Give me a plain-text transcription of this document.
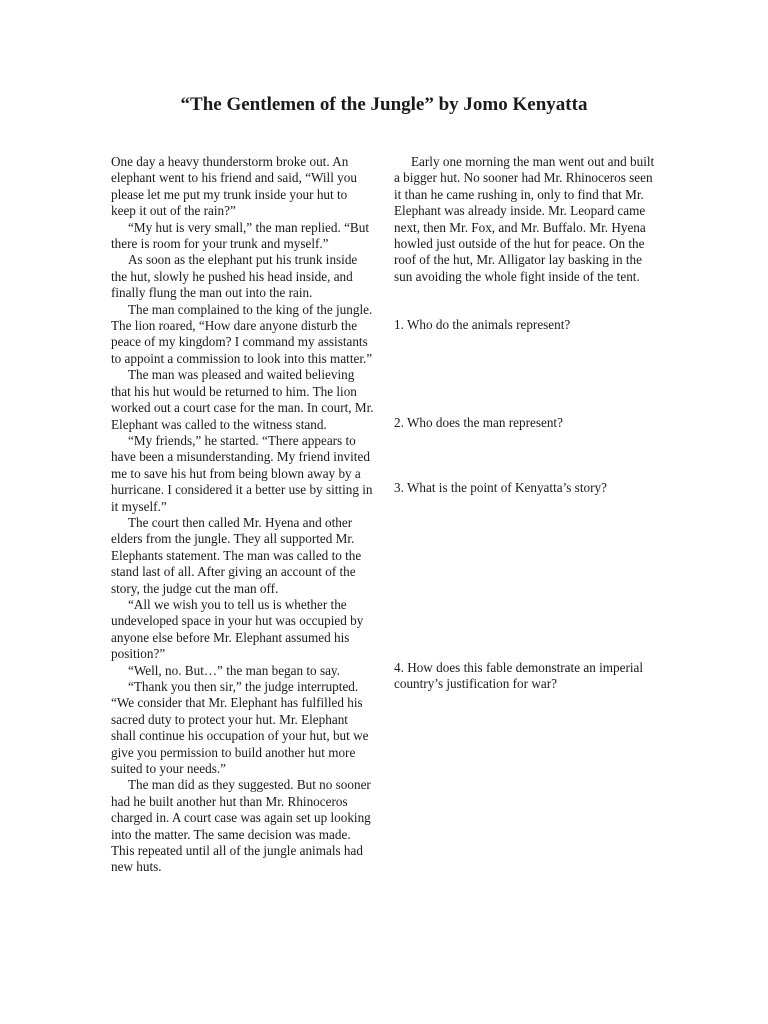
“The Gentlemen of the Jungle” by Jomo Kenyatta

One day a heavy thunderstorm broke out. An elephant went to his friend and said, “Will you please let me put my trunk inside your hut to keep it out of the rain?”

“My hut is very small,” the man replied. “But there is room for your trunk and myself.”

As soon as the elephant put his trunk inside the hut, slowly he pushed his head inside, and finally flung the man out into the rain.

The man complained to the king of the jungle. The lion roared, “How dare anyone disturb the peace of my kingdom? I command my assistants to appoint a commission to look into this matter.”

The man was pleased and waited believing that his hut would be returned to him. The lion worked out a court case for the man. In court, Mr. Elephant was called to the witness stand.

“My friends,” he started. “There appears to have been a misunderstanding. My friend invited me to save his hut from being blown away by a hurricane. I considered it a better use by sitting in it myself.”

The court then called Mr. Hyena and other elders from the jungle. They all supported Mr. Elephants statement. The man was called to the stand last of all. After giving an account of the story, the judge cut the man off.

“All we wish you to tell us is whether the undeveloped space in your hut was occupied by anyone else before Mr. Elephant assumed his position?”

“Well, no. But…” the man began to say.

“Thank you then sir,” the judge interrupted. “We consider that Mr. Elephant has fulfilled his sacred duty to protect your hut. Mr. Elephant shall continue his occupation of your hut, but we give you permission to build another hut more suited to your needs.”

The man did as they suggested. But no sooner had he built another hut than Mr. Rhinoceros charged in. A court case was again set up looking into the matter. The same decision was made. This repeated until all of the jungle animals had new huts.

Early one morning the man went out and built a bigger hut. No sooner had Mr. Rhinoceros seen it than he came rushing in, only to find that Mr. Elephant was already inside. Mr. Leopard came next, then Mr. Fox, and Mr. Buffalo. Mr. Hyena howled just outside of the hut for peace. On the roof of the hut, Mr. Alligator lay basking in the sun avoiding the whole fight inside of the tent.

1. Who do the animals represent?

2. Who does the man represent?

3. What is the point of Kenyatta’s story?

4. How does this fable demonstrate an imperial country’s justification for war?
